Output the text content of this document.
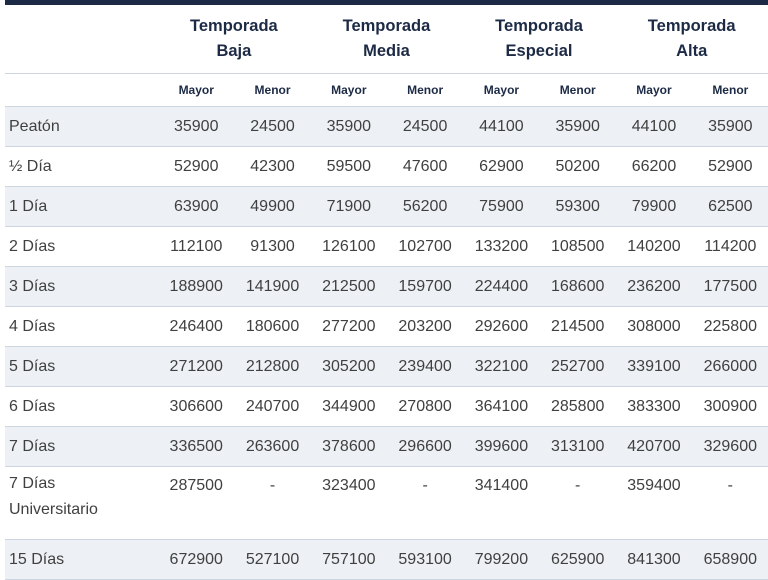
	Temporada
Baja		Temporada
Media		Temporada
Especial		Temporada
Alta	
	Mayor	Menor	Mayor	Menor	Mayor	Menor	Mayor	Menor
Peatón	35900	24500	35900	24500	44100	35900	44100	35900
½ Día	52900	42300	59500	47600	62900	50200	66200	52900
1 Día	63900	49900	71900	56200	75900	59300	79900	62500
2 Días	112100	91300	126100	102700	133200	108500	140200	114200
3 Días	188900	141900	212500	159700	224400	168600	236200	177500
4 Días	246400	180600	277200	203200	292600	214500	308000	225800
5 Días	271200	212800	305200	239400	322100	252700	339100	266000
6 Días	306600	240700	344900	270800	364100	285800	383300	300900
7 Días	336500	263600	378600	296600	399600	313100	420700	329600
7 Días
Universitario	287500	-	323400	-	341400	-	359400	-
15 Días	672900	527100	757100	593100	799200	625900	841300	658900
